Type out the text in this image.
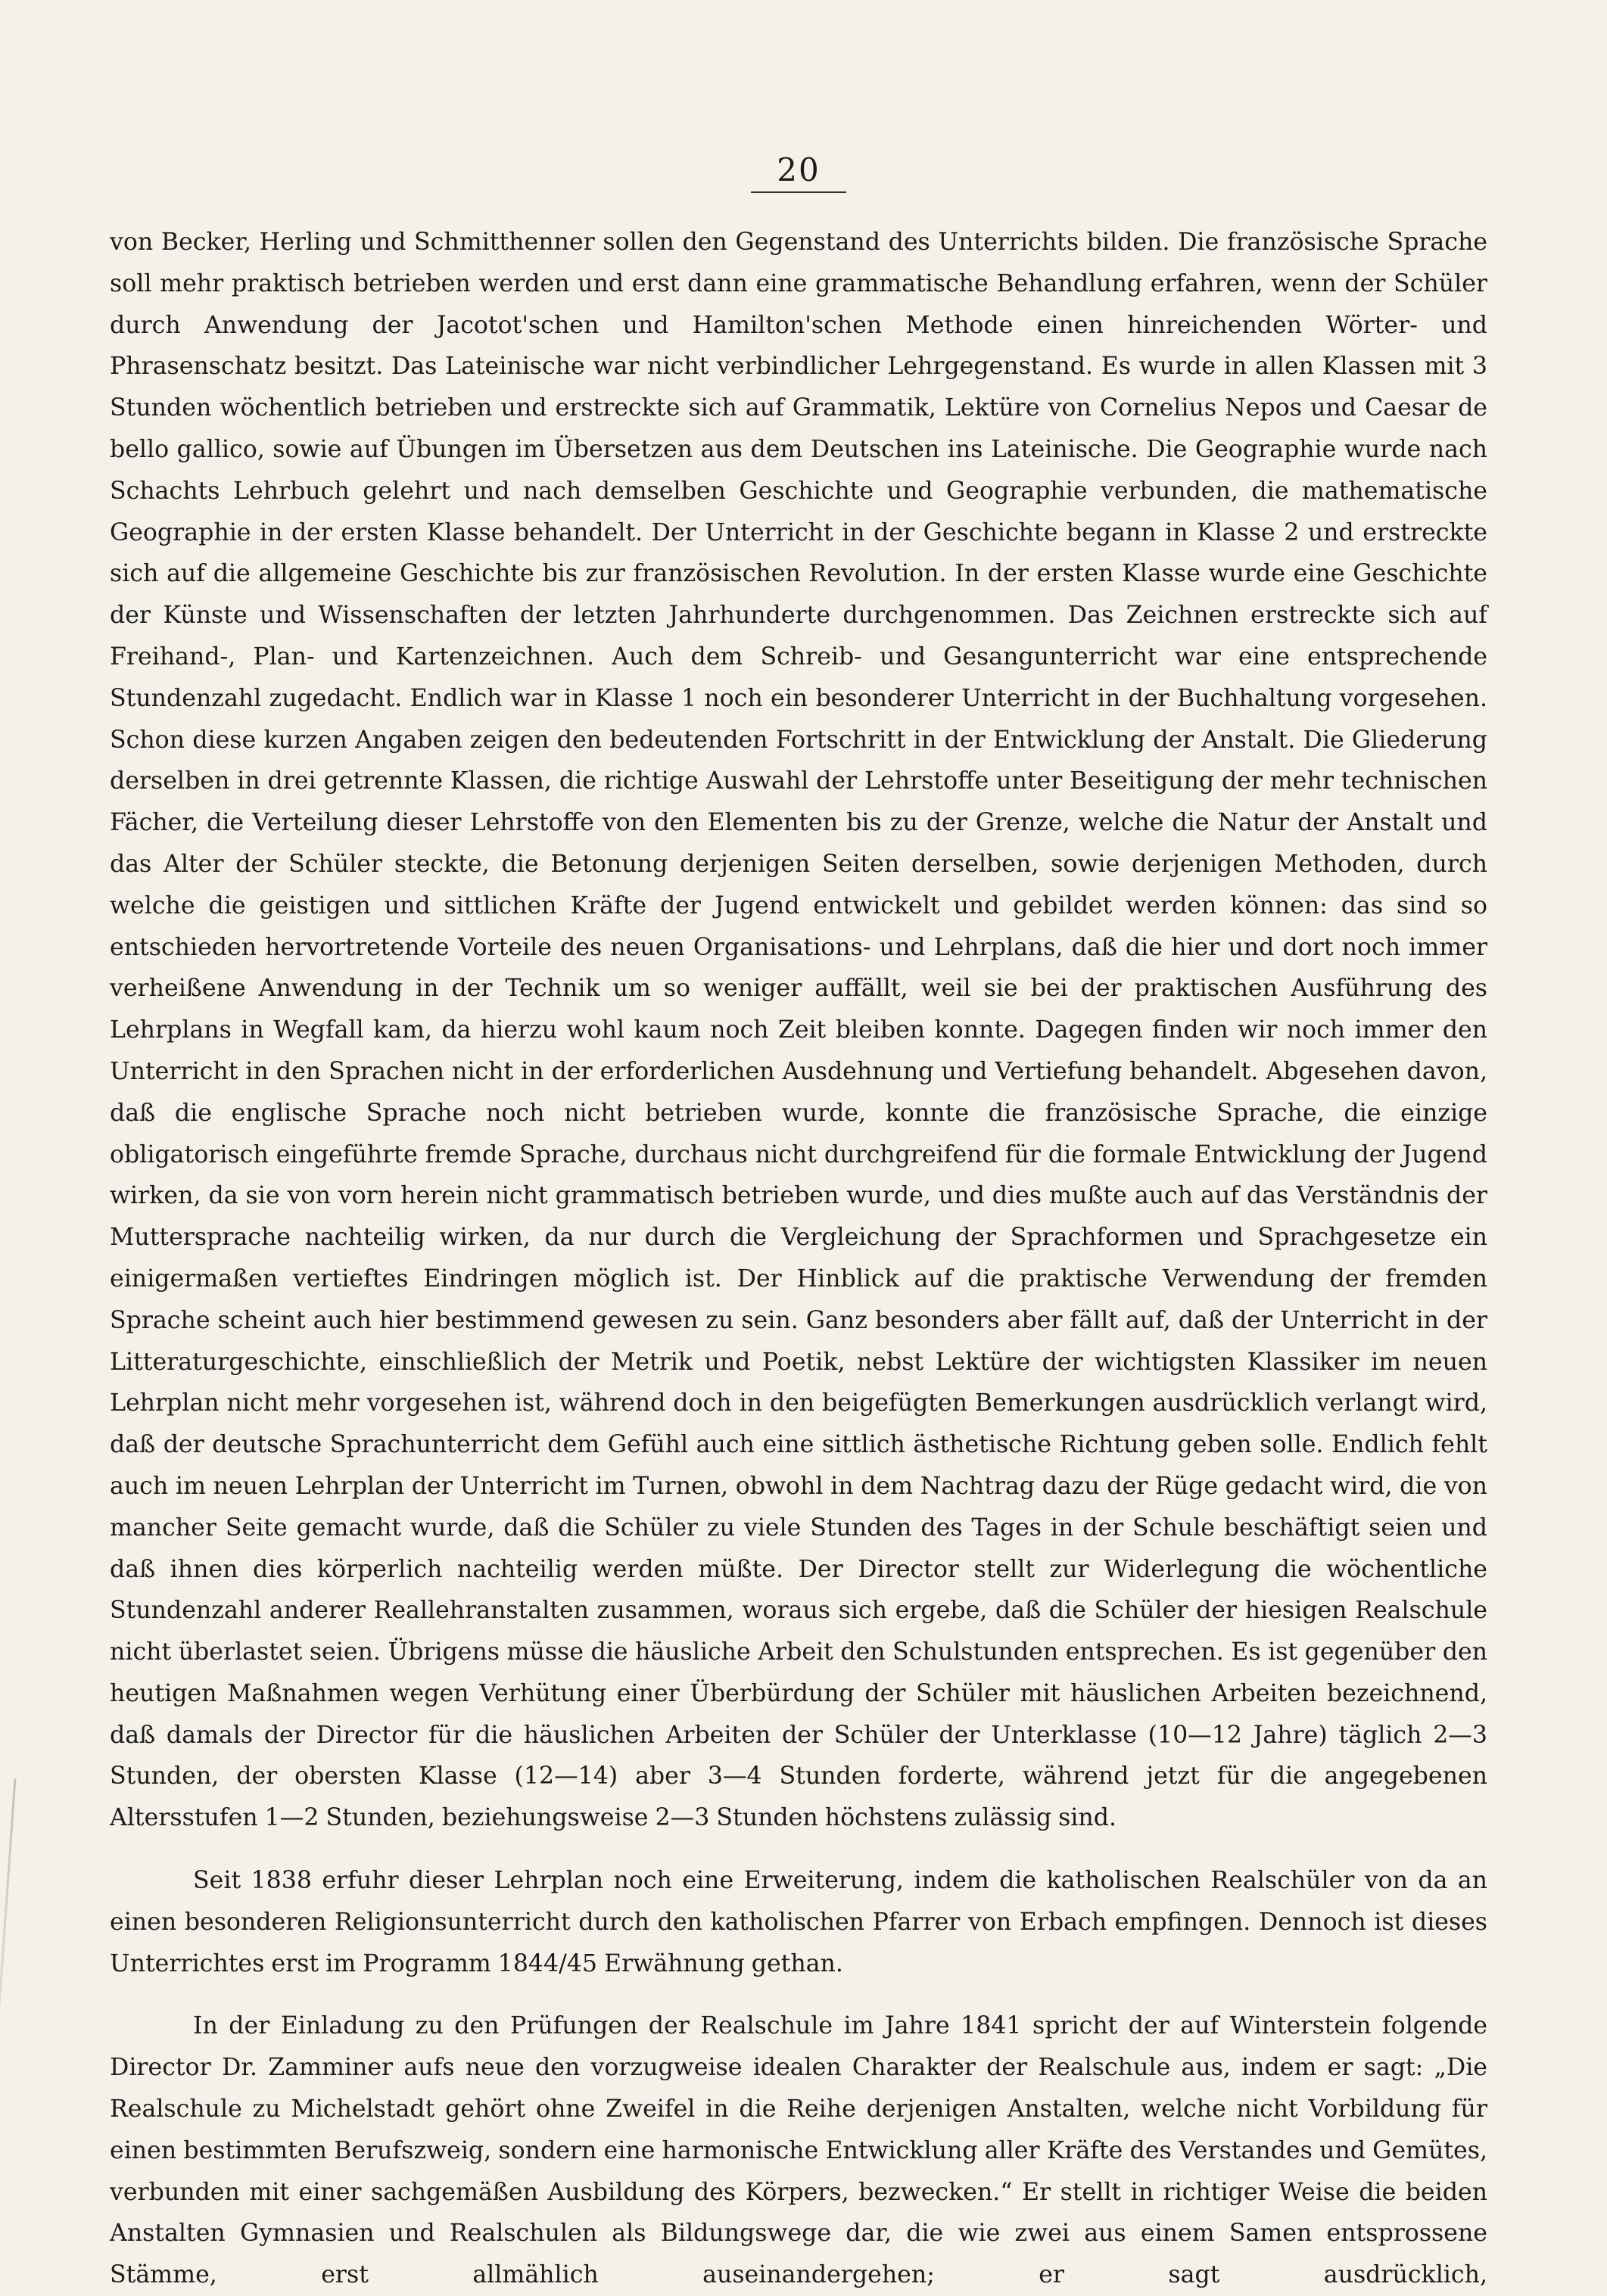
20

von Becker, Herling und Schmitthenner sollen den Gegenstand des Unterrichts bilden. Die französische Sprache soll mehr praktisch betrieben werden und erst dann eine grammatische Behandlung erfahren, wenn der Schüler durch Anwendung der Jacotot'schen und Hamilton'schen Methode einen hinreichenden Wörter- und Phrasenschatz besitzt. Das Lateinische war nicht verbindlicher Lehrgegenstand. Es wurde in allen Klassen mit 3 Stunden wöchentlich betrieben und erstreckte sich auf Grammatik, Lektüre von Cornelius Nepos und Caesar de bello gallico, sowie auf Übungen im Übersetzen aus dem Deutschen ins Lateinische. Die Geographie wurde nach Schachts Lehrbuch gelehrt und nach demselben Geschichte und Geographie verbunden, die mathematische Geographie in der ersten Klasse behandelt. Der Unterricht in der Geschichte begann in Klasse 2 und erstreckte sich auf die allgemeine Geschichte bis zur französischen Revolution. In der ersten Klasse wurde eine Geschichte der Künste und Wissenschaften der letzten Jahrhunderte durchgenommen. Das Zeichnen erstreckte sich auf Freihand-, Plan- und Kartenzeichnen. Auch dem Schreib- und Gesangunterricht war eine entsprechende Stundenzahl zugedacht. Endlich war in Klasse 1 noch ein besonderer Unterricht in der Buchhaltung vorgesehen. Schon diese kurzen Angaben zeigen den bedeutenden Fortschritt in der Entwicklung der Anstalt. Die Gliederung derselben in drei getrennte Klassen, die richtige Auswahl der Lehrstoffe unter Beseitigung der mehr technischen Fächer, die Verteilung dieser Lehrstoffe von den Elementen bis zu der Grenze, welche die Natur der Anstalt und das Alter der Schüler steckte, die Betonung derjenigen Seiten derselben, sowie derjenigen Methoden, durch welche die geistigen und sittlichen Kräfte der Jugend entwickelt und gebildet werden können: das sind so entschieden hervortretende Vorteile des neuen Organisations- und Lehrplans, daß die hier und dort noch immer verheißene Anwendung in der Technik um so weniger auffällt, weil sie bei der praktischen Ausführung des Lehrplans in Wegfall kam, da hierzu wohl kaum noch Zeit bleiben konnte. Dagegen finden wir noch immer den Unterricht in den Sprachen nicht in der erforderlichen Ausdehnung und Vertiefung behandelt. Abgesehen davon, daß die englische Sprache noch nicht betrieben wurde, konnte die französische Sprache, die einzige obligatorisch eingeführte fremde Sprache, durchaus nicht durchgreifend für die formale Entwicklung der Jugend wirken, da sie von vorn herein nicht grammatisch betrieben wurde, und dies mußte auch auf das Verständnis der Muttersprache nachteilig wirken, da nur durch die Vergleichung der Sprachformen und Sprachgesetze ein einigermaßen vertieftes Eindringen möglich ist. Der Hinblick auf die praktische Verwendung der fremden Sprache scheint auch hier bestimmend gewesen zu sein. Ganz besonders aber fällt auf, daß der Unterricht in der Litteraturgeschichte, einschließlich der Metrik und Poetik, nebst Lektüre der wichtigsten Klassiker im neuen Lehrplan nicht mehr vorgesehen ist, während doch in den beigefügten Bemerkungen ausdrücklich verlangt wird, daß der deutsche Sprachunterricht dem Gefühl auch eine sittlich ästhetische Richtung geben solle. Endlich fehlt auch im neuen Lehrplan der Unterricht im Turnen, obwohl in dem Nachtrag dazu der Rüge gedacht wird, die von mancher Seite gemacht wurde, daß die Schüler zu viele Stunden des Tages in der Schule beschäftigt seien und daß ihnen dies körperlich nachteilig werden müßte. Der Director stellt zur Widerlegung die wöchentliche Stundenzahl anderer Reallehranstalten zusammen, woraus sich ergebe, daß die Schüler der hiesigen Realschule nicht überlastet seien. Übrigens müsse die häusliche Arbeit den Schulstunden entsprechen. Es ist gegenüber den heutigen Maßnahmen wegen Verhütung einer Überbürdung der Schüler mit häuslichen Arbeiten bezeichnend, daß damals der Director für die häuslichen Arbeiten der Schüler der Unterklasse (10—12 Jahre) täglich 2—3 Stunden, der obersten Klasse (12—14) aber 3—4 Stunden forderte, während jetzt für die angegebenen Altersstufen 1—2 Stunden, beziehungsweise 2—3 Stunden höchstens zulässig sind.

Seit 1838 erfuhr dieser Lehrplan noch eine Erweiterung, indem die katholischen Realschüler von da an einen besonderen Religionsunterricht durch den katholischen Pfarrer von Erbach empfingen. Dennoch ist dieses Unterrichtes erst im Programm 1844/45 Erwähnung gethan.

In der Einladung zu den Prüfungen der Realschule im Jahre 1841 spricht der auf Winterstein folgende Director Dr. Zamminer aufs neue den vorzugweise idealen Charakter der Realschule aus, indem er sagt: „Die Realschule zu Michelstadt gehört ohne Zweifel in die Reihe derjenigen Anstalten, welche nicht Vorbildung für einen bestimmten Berufszweig, sondern eine harmonische Entwicklung aller Kräfte des Verstandes und Gemütes, verbunden mit einer sachgemäßen Ausbildung des Körpers, bezwecken.“ Er stellt in richtiger Weise die beiden Anstalten Gymnasien und Realschulen als Bildungswege dar, die wie zwei aus einem Samen entsprossene Stämme, erst allmählich auseinandergehen; er sagt ausdrücklich,
